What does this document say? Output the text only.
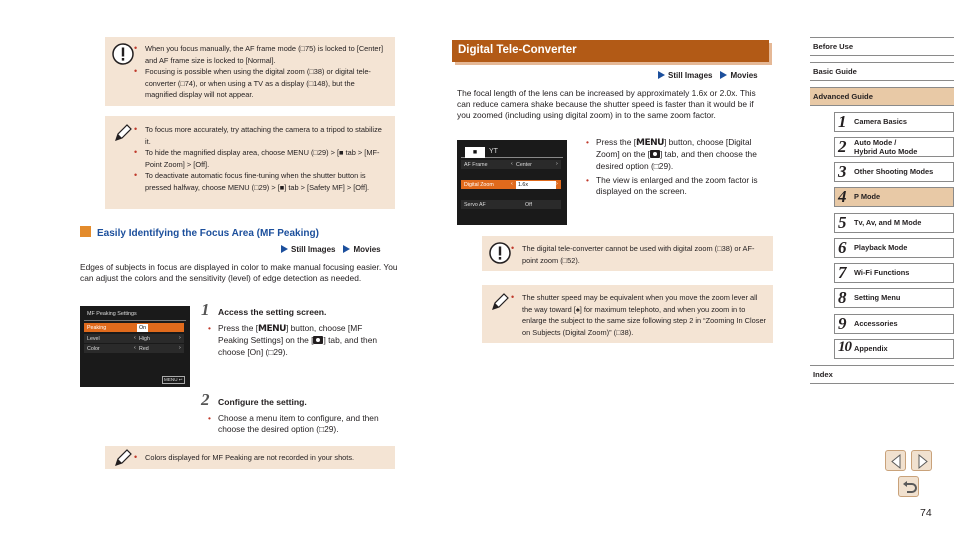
• When you focus manually, the AF frame mode (□75) is locked to [Center] and AF frame size is locked to [Normal].
• Focusing is possible when using the digital zoom (□38) or digital tele-converter (□74), or when using a TV as a display (□148), but the magnified display will not appear.
• To focus more accurately, try attaching the camera to a tripod to stabilize it.
• To hide the magnified display area, choose MENU (□29) > [■ tab > [MF-Point Zoom] > [Off].
• To deactivate automatic focus fine-tuning when the shutter button is pressed halfway, choose MENU (□29) > [■] tab > [Safety MF] > [Off].
Easily Identifying the Focus Area (MF Peaking)
Still Images Movies
Edges of subjects in focus are displayed in color to make manual focusing easier. You can adjust the colors and the sensitivity (level) of edge detection as needed.
MF Peaking Settings
Peaking	On Off
Level	‹ High	›
Color	‹ Red	›
MENU ↩
1 Access the setting screen.
• Press the [MENU] button, choose [MF Peaking Settings] on the [ ] tab, and then choose [On] (□29).
2 Configure the setting.
• Choose a menu item to configure, and then choose the desired option (□29).
• Colors displayed for MF Peaking are not recorded in your shots.
Digital Tele-Converter
Still Images Movies
The focal length of the lens can be increased by approximately 1.6x or 2.0x. This can reduce camera shake because the shutter speed is faster than it would be if you zoomed (including using digital zoom) in to the same zoom factor.
■	YT
AF Frame	‹ Center	›
Digital Zoom	‹ 1.6x	›
Servo AF	Off
• Press the [MENU] button, choose [Digital Zoom] on the [ ] tab, and then choose the desired option (□29).
• The view is enlarged and the zoom factor is displayed on the screen.
• The digital tele-converter cannot be used with digital zoom (□38) or AF-point zoom (□52).
• The shutter speed may be equivalent when you move the zoom lever all the way toward [♠] for maximum telephoto, and when you zoom in to enlarge the subject to the same size following step 2 in “Zooming In Closer on Subjects (Digital Zoom)” (□38).
Before Use
Basic Guide
Advanced Guide
1 Camera Basics
2 Auto Mode /
Hybrid Auto Mode
3 Other Shooting Modes
4 P Mode
5 Tv, Av, and M Mode
6 Playback Mode
7 Wi-Fi Functions
8 Setting Menu
9 Accessories
10 Appendix
Index
74
